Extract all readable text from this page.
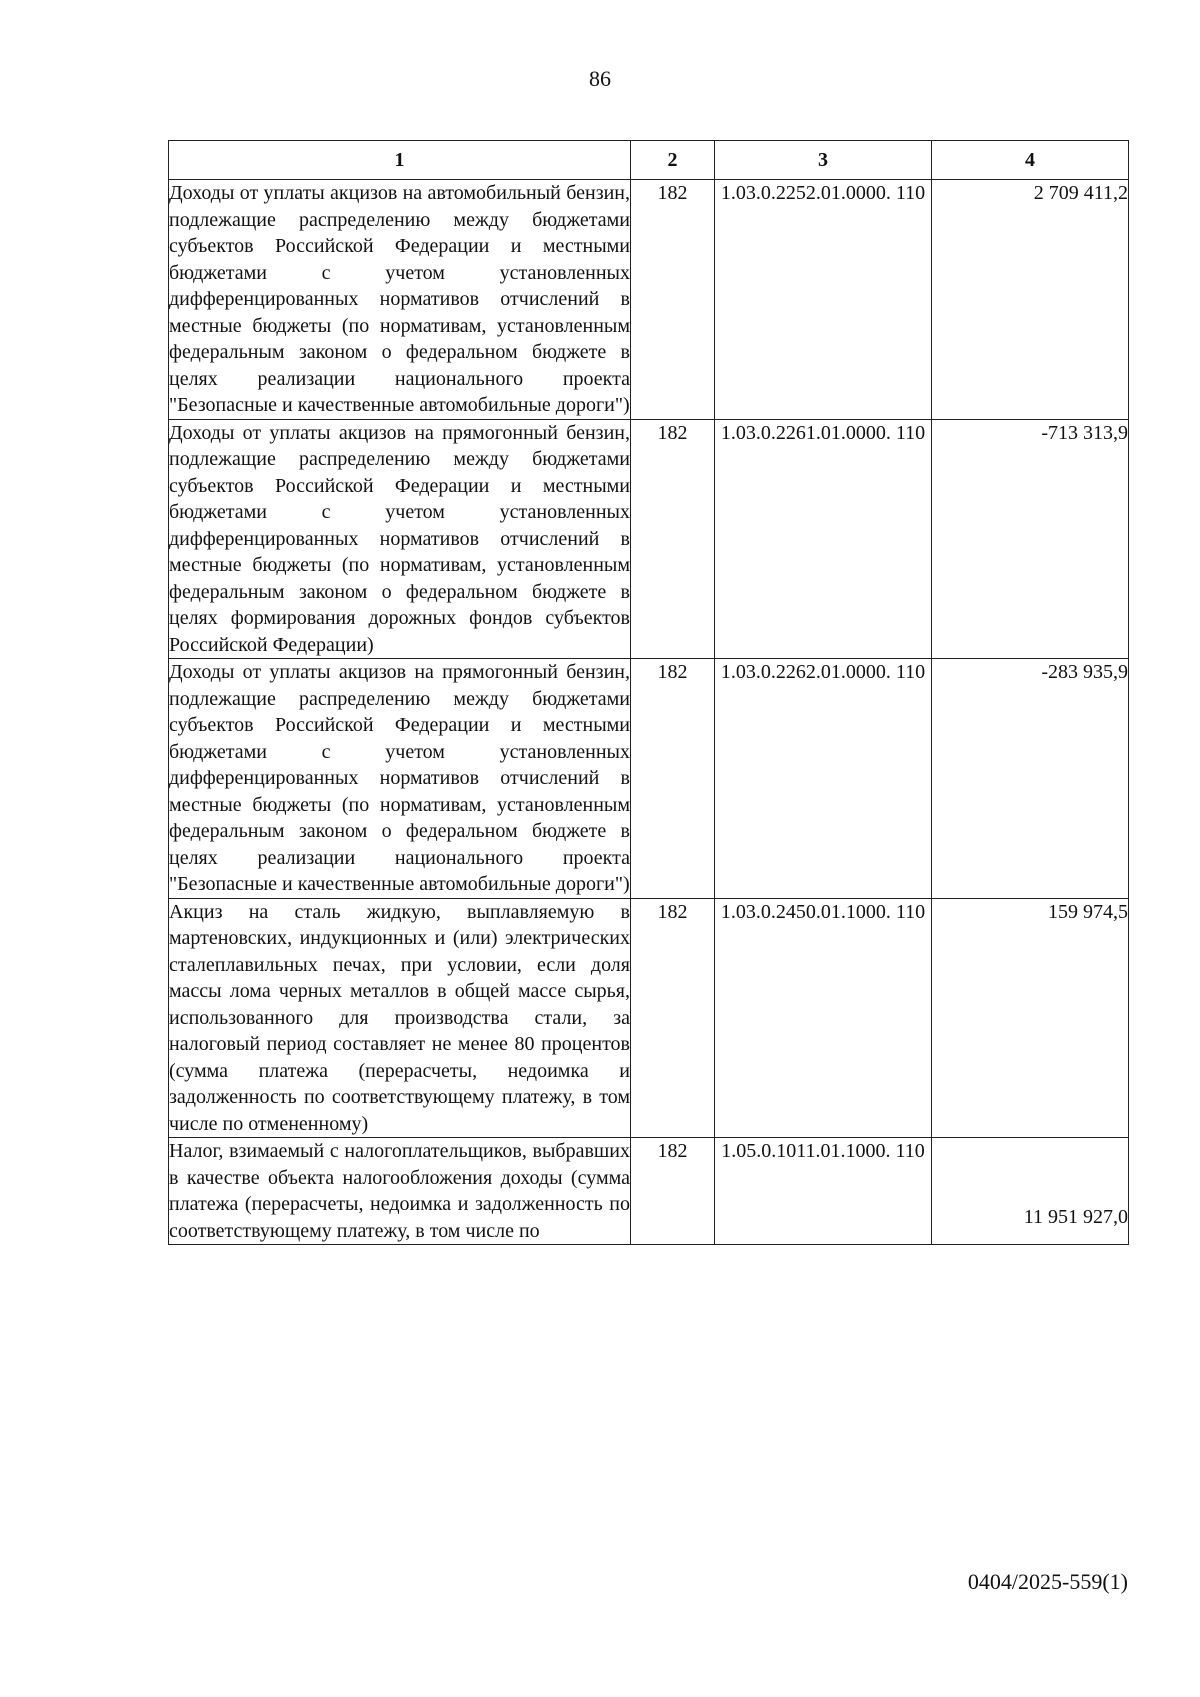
86
1	2	3	4
Доходы от уплаты акцизов на автомобильный бензин, подлежащие распределению между бюджетами субъектов Российской Федерации и местными бюджетами с учетом установленных дифференцированных нормативов отчислений в местные бюджеты (по нормативам, установленным федеральным законом о федеральном бюджете в целях реализации национального проекта "Безопасные и качественные автомобильные дороги")	182	1.03.0.2252.01.0000. 110	2 709 411,2
Доходы от уплаты акцизов на прямогонный бензин, подлежащие распределению между бюджетами субъектов Российской Федерации и местными бюджетами с учетом установленных дифференцированных нормативов отчислений в местные бюджеты (по нормативам, установленным федеральным законом о федеральном бюджете в целях формирования дорожных фондов субъектов Российской Федерации)	182	1.03.0.2261.01.0000. 110	-713 313,9
Доходы от уплаты акцизов на прямогонный бензин, подлежащие распределению между бюджетами субъектов Российской Федерации и местными бюджетами с учетом установленных дифференцированных нормативов отчислений в местные бюджеты (по нормативам, установленным федеральным законом о федеральном бюджете в целях реализации национального проекта "Безопасные и качественные автомобильные дороги")	182	1.03.0.2262.01.0000. 110	-283 935,9
Акциз на сталь жидкую, выплавляемую в мартеновских, индукционных и (или) электрических сталеплавильных печах, при условии, если доля массы лома черных металлов в общей массе сырья, использованного для производства стали, за налоговый период составляет не менее 80 процентов (сумма платежа (перерасчеты, недоимка и задолженность по соответствующему платежу, в том числе по отмененному)	182	1.03.0.2450.01.1000. 110	159 974,5
Налог, взимаемый с налогоплательщиков, выбравших в качестве объекта налогообложения доходы (сумма платежа (перерасчеты, недоимка и задолженность по соответствующему платежу, в том числе по	182	1.05.0.1011.01.1000. 110	11 951 927,0
0404/2025-559(1)
